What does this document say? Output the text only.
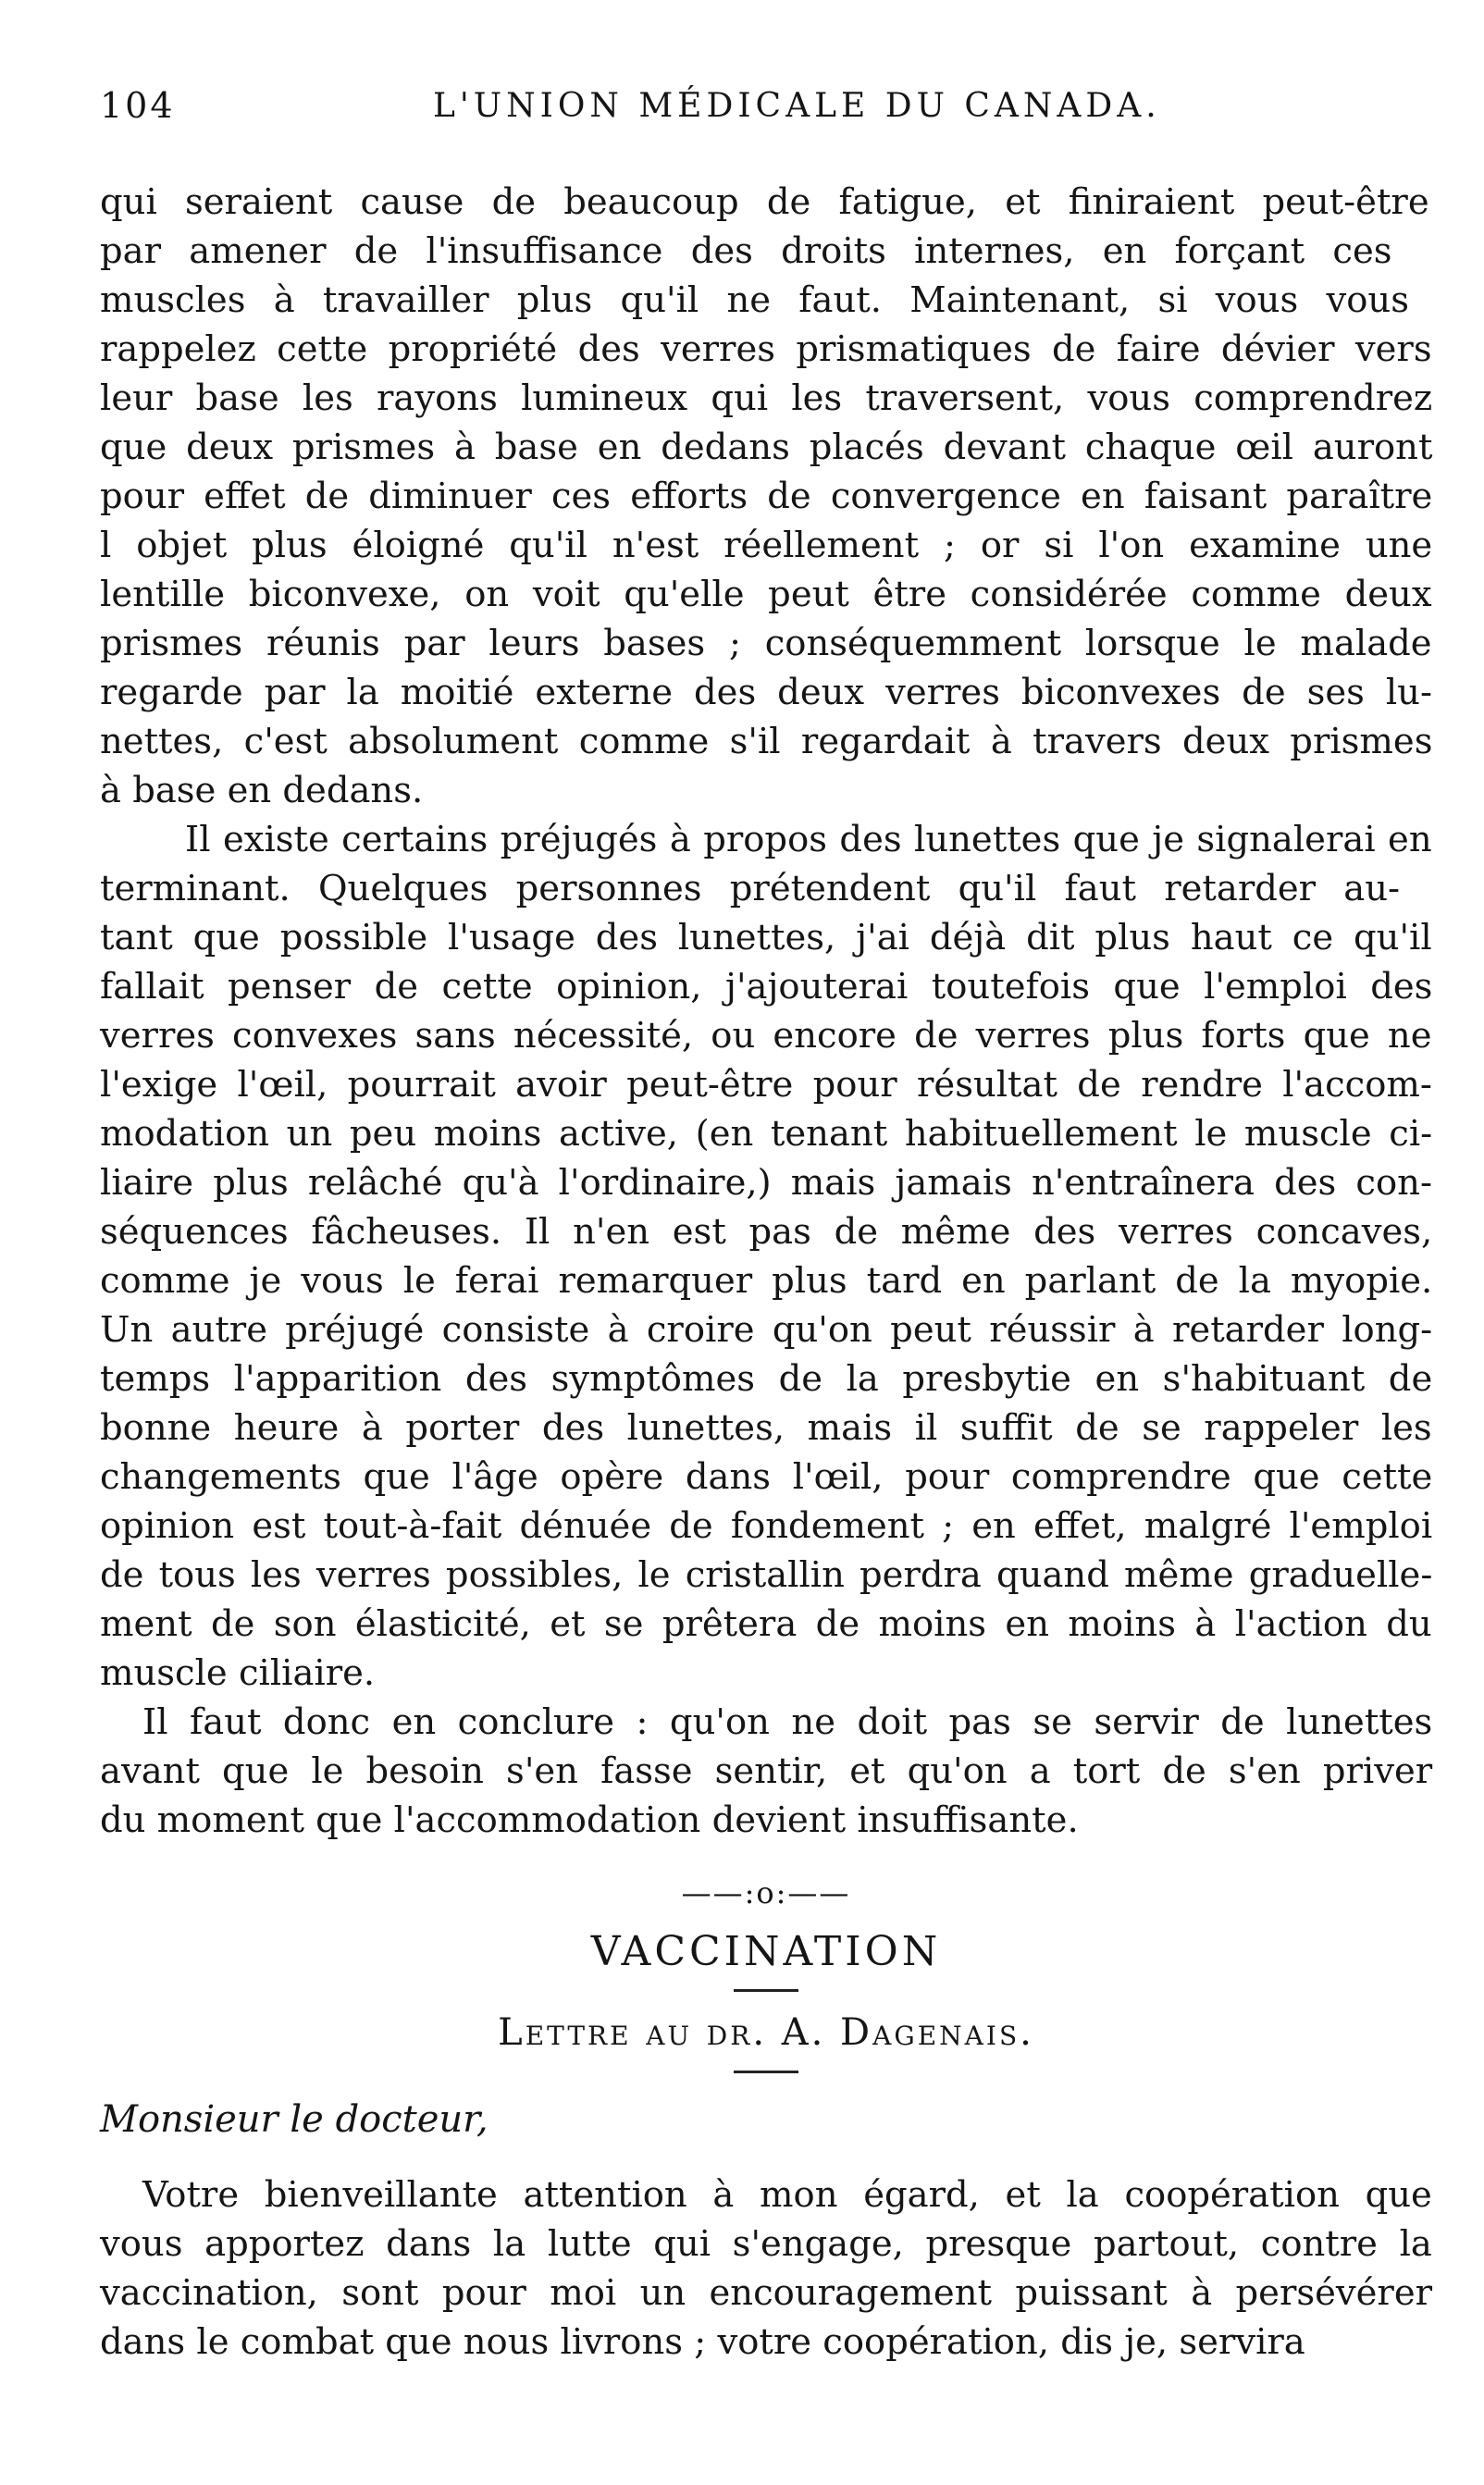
104	L'UNION MÉDICALE DU CANADA.

qui seraient cause de beaucoup de fatigue, et finiraient peut-être
par amener de l'insuffisance des droits internes, en forçant ces
muscles à travailler plus qu'il ne faut. Maintenant, si vous vous
rappelez cette propriété des verres prismatiques de faire dévier vers
leur base les rayons lumineux qui les traversent, vous comprendrez
que deux prismes à base en dedans placés devant chaque œil auront
pour effet de diminuer ces efforts de convergence en faisant paraître
l objet plus éloigné qu'il n'est réellement ; or si l'on examine une
lentille biconvexe, on voit qu'elle peut être considérée comme deux
prismes réunis par leurs bases ; conséquemment lorsque le malade
regarde par la moitié externe des deux verres biconvexes de ses lu-
nettes, c'est absolument comme s'il regardait à travers deux prismes
à base en dedans.

Il existe certains préjugés à propos des lunettes que je signalerai en
terminant. Quelques personnes prétendent qu'il faut retarder au-
tant que possible l'usage des lunettes, j'ai déjà dit plus haut ce qu'il
fallait penser de cette opinion, j'ajouterai toutefois que l'emploi des
verres convexes sans nécessité, ou encore de verres plus forts que ne
l'exige l'œil, pourrait avoir peut-être pour résultat de rendre l'accom-
modation un peu moins active, (en tenant habituellement le muscle ci-
liaire plus relâché qu'à l'ordinaire,) mais jamais n'entraînera des con-
séquences fâcheuses. Il n'en est pas de même des verres concaves,
comme je vous le ferai remarquer plus tard en parlant de la myopie.
Un autre préjugé consiste à croire qu'on peut réussir à retarder long-
temps l'apparition des symptômes de la presbytie en s'habituant de
bonne heure à porter des lunettes, mais il suffit de se rappeler les
changements que l'âge opère dans l'œil, pour comprendre que cette
opinion est tout-à-fait dénuée de fondement ; en effet, malgré l'emploi
de tous les verres possibles, le cristallin perdra quand même graduelle-
ment de son élasticité, et se prêtera de moins en moins à l'action du
muscle ciliaire.

Il faut donc en conclure : qu'on ne doit pas se servir de lunettes
avant que le besoin s'en fasse sentir, et qu'on a tort de s'en priver
du moment que l'accommodation devient insuffisante.

——:o:——
VACCINATION
Lettre au dr. A. Dagenais.
Monsieur le docteur,

Votre bienveillante attention à mon égard, et la coopération que
vous apportez dans la lutte qui s'engage, presque partout, contre la
vaccination, sont pour moi un encouragement puissant à persévérer
dans le combat que nous livrons ; votre coopération, dis je, servira
